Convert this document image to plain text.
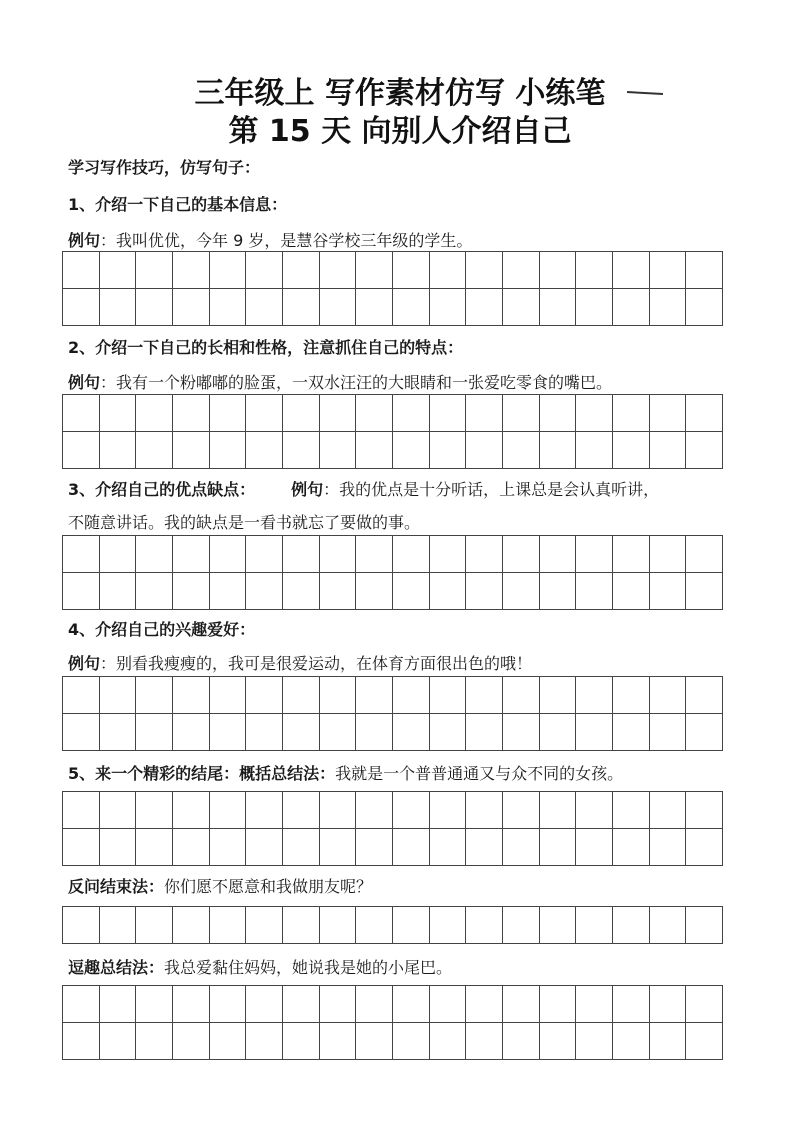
三年级上 写作素材仿写 小练笔
第 15 天 向别人介绍自己
学习写作技巧，仿写句子：
1、介绍一下自己的基本信息：
例句：我叫优优，今年 9 岁，是慧谷学校三年级的学生。
2、介绍一下自己的长相和性格，注意抓住自己的特点：
例句：我有一个粉嘟嘟的脸蛋，一双水汪汪的大眼睛和一张爱吃零食的嘴巴。
3、介绍自己的优点缺点： 例句：我的优点是十分听话，上课总是会认真听讲，
不随意讲话。我的缺点是一看书就忘了要做的事。
4、介绍自己的兴趣爱好：
例句：别看我瘦瘦的，我可是很爱运动，在体育方面很出色的哦！
5、来一个精彩的结尾：概括总结法：我就是一个普普通通又与众不同的女孩。
反问结束法：你们愿不愿意和我做朋友呢？
逗趣总结法：我总爱黏住妈妈，她说我是她的小尾巴。
